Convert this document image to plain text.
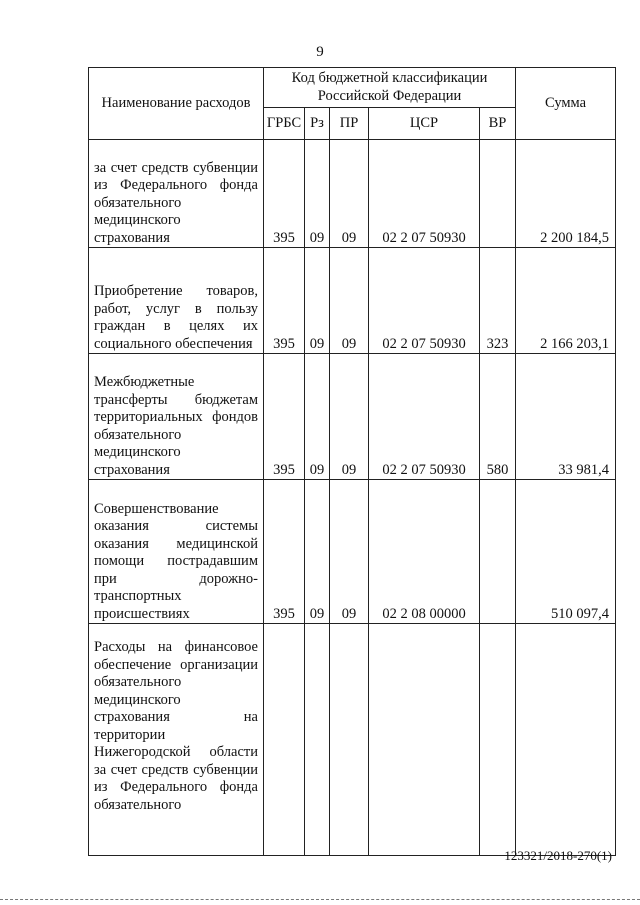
9
Наименование расходов	Код бюджетной классификации Российской Федерации					Сумма
	ГРБС	Рз	ПР	ЦСР	ВР	

за счет средств субвенции из Федерального фонда обязательного медицинского страхования	395	09	09	02 2 07 50930		2 200 184,5

Приобретение товаров, работ, услуг в пользу граждан в целях их социального обеспечения	395	09	09	02 2 07 50930	323	2 166 203,1

Межбюджетные трансферты бюджетам территориальных фондов обязательного медицинского страхования	395	09	09	02 2 07 50930	580	33 981,4

Совершенствование оказания системы оказания медицинской помощи пострадавшим при дорожно-транспортных происшествиях	395	09	09	02 2 08 00000		510 097,4

Расходы на финансовое обеспечение организации обязательного медицинского страхования на территории Нижегородской области за счет средств субвенции из Федерального фонда обязательного						

123321/2018-270(1)
